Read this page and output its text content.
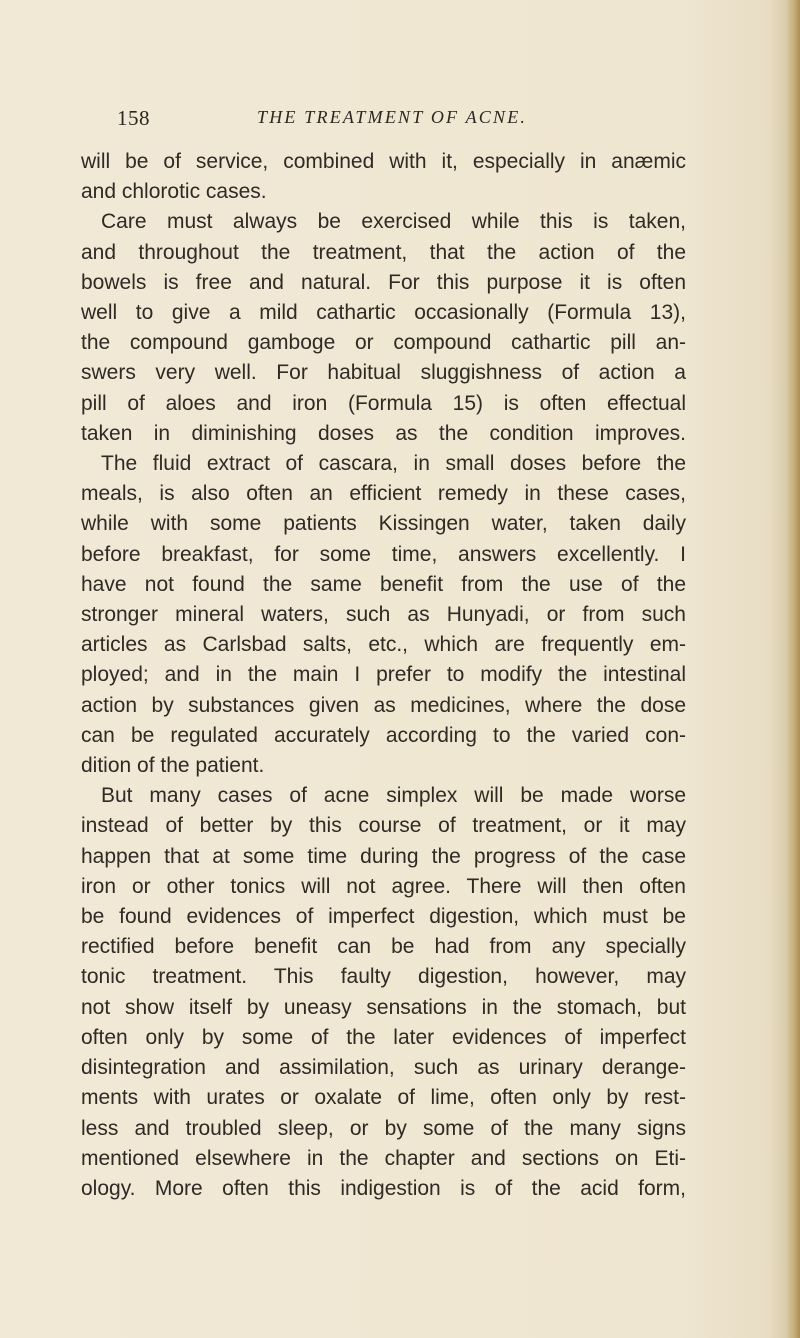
158	THE TREATMENT OF ACNE.
will be of service, combined with it, especially in anæmic
and chlorotic cases.
Care must always be exercised while this is taken,
and throughout the treatment, that the action of the
bowels is free and natural. For this purpose it is often
well to give a mild cathartic occasionally (Formula 13),
the compound gamboge or compound cathartic pill an-
swers very well. For habitual sluggishness of action a
pill of aloes and iron (Formula 15) is often effectual
taken in diminishing doses as the condition improves.
The fluid extract of cascara, in small doses before the
meals, is also often an efficient remedy in these cases,
while with some patients Kissingen water, taken daily
before breakfast, for some time, answers excellently. I
have not found the same benefit from the use of the
stronger mineral waters, such as Hunyadi, or from such
articles as Carlsbad salts, etc., which are frequently em-
ployed; and in the main I prefer to modify the intestinal
action by substances given as medicines, where the dose
can be regulated accurately according to the varied con-
dition of the patient.
But many cases of acne simplex will be made worse
instead of better by this course of treatment, or it may
happen that at some time during the progress of the case
iron or other tonics will not agree. There will then often
be found evidences of imperfect digestion, which must be
rectified before benefit can be had from any specially
tonic treatment. This faulty digestion, however, may
not show itself by uneasy sensations in the stomach, but
often only by some of the later evidences of imperfect
disintegration and assimilation, such as urinary derange-
ments with urates or oxalate of lime, often only by rest-
less and troubled sleep, or by some of the many signs
mentioned elsewhere in the chapter and sections on Eti-
ology. More often this indigestion is of the acid form,
